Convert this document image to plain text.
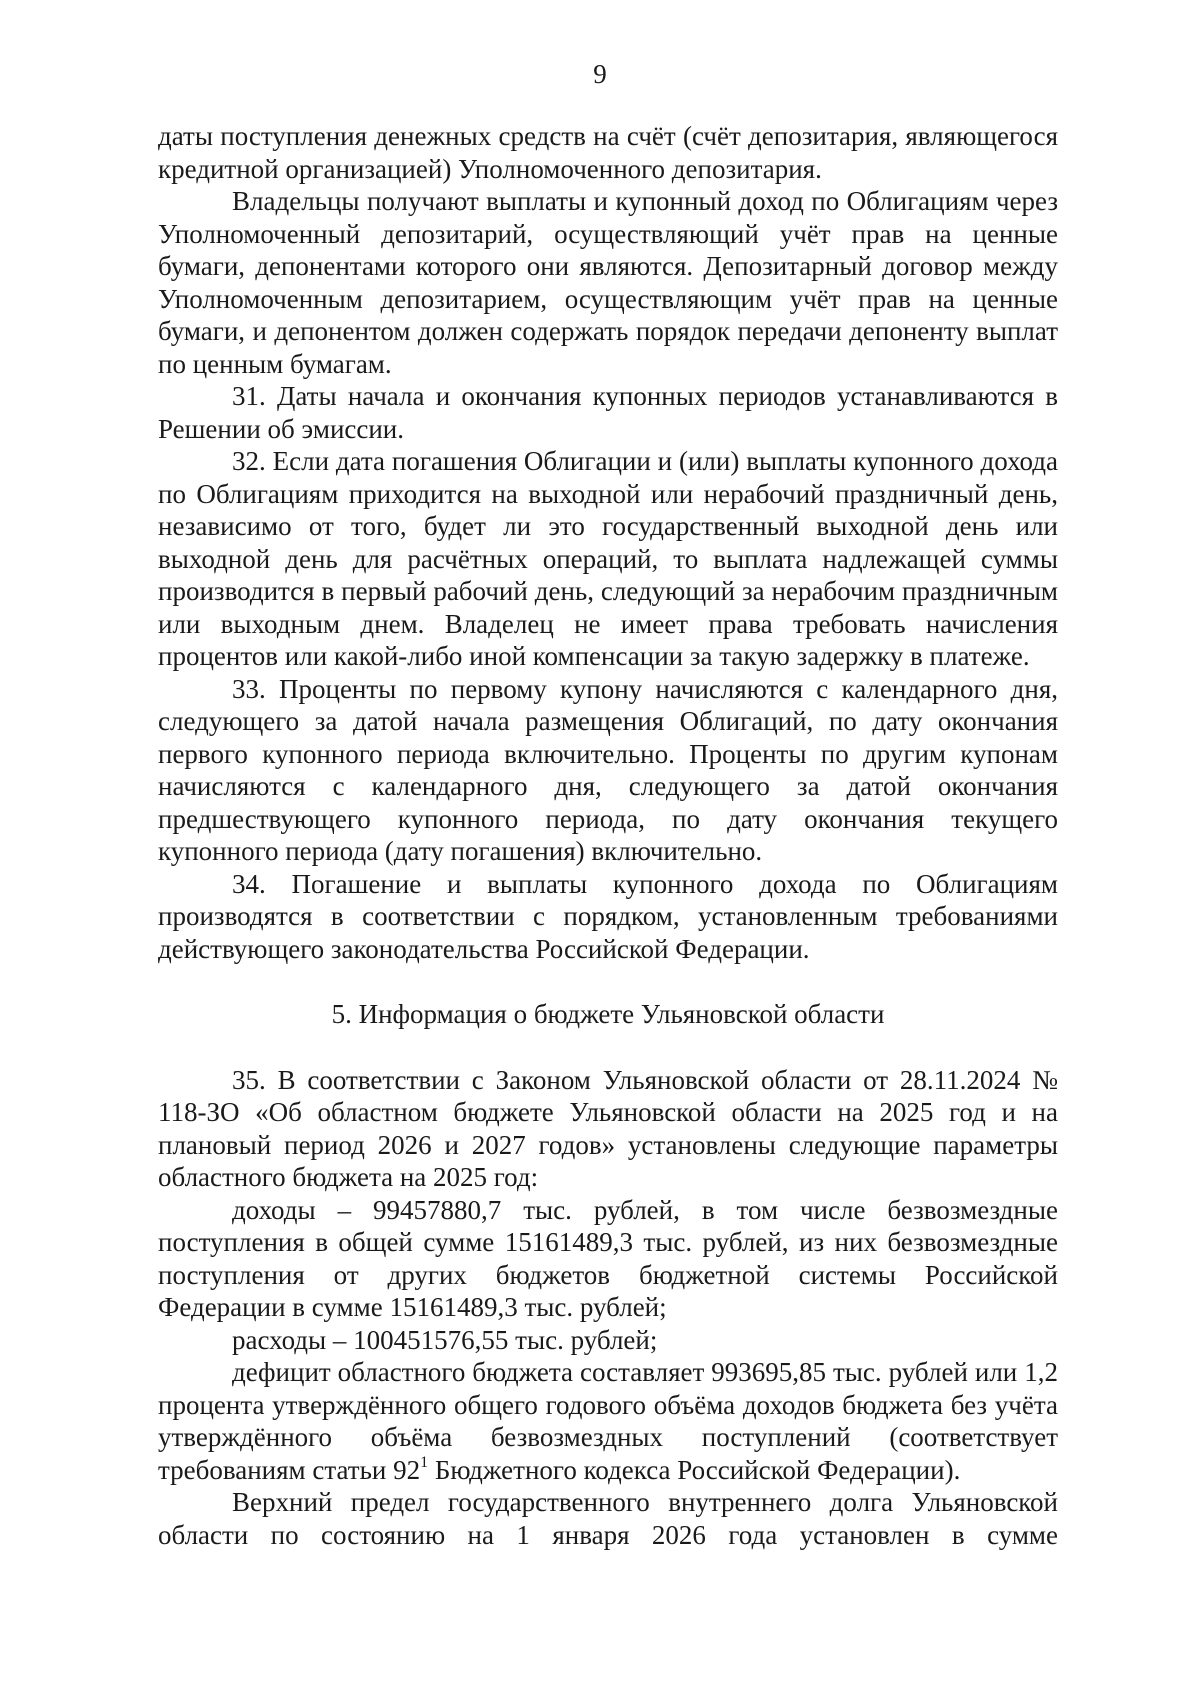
9

даты поступления денежных средств на счёт (счёт депозитария, являющегося кредитной организацией) Уполномоченного депозитария.

Владельцы получают выплаты и купонный доход по Облигациям через Уполномоченный депозитарий, осуществляющий учёт прав на ценные бумаги, депонентами которого они являются. Депозитарный договор между Уполномоченным депозитарием, осуществляющим учёт прав на ценные бумаги, и депонентом должен содержать порядок передачи депоненту выплат по ценным бумагам.

31. Даты начала и окончания купонных периодов устанавливаются в Решении об эмиссии.

32. Если дата погашения Облигации и (или) выплаты купонного дохода по Облигациям приходится на выходной или нерабочий праздничный день, независимо от того, будет ли это государственный выходной день или выходной день для расчётных операций, то выплата надлежащей суммы производится в первый рабочий день, следующий за нерабочим праздничным или выходным днем. Владелец не имеет права требовать начисления процентов или какой-либо иной компенсации за такую задержку в платеже.

33. Проценты по первому купону начисляются с календарного дня, следующего за датой начала размещения Облигаций, по дату окончания первого купонного периода включительно. Проценты по другим купонам начисляются с календарного дня, следующего за датой окончания предшествующего купонного периода, по дату окончания текущего купонного периода (дату погашения) включительно.

34. Погашение и выплаты купонного дохода по Облигациям производятся в соответствии с порядком, установленным требованиями действующего законодательства Российской Федерации.

5. Информация о бюджете Ульяновской области

35. В соответствии с Законом Ульяновской области от 28.11.2024 № 118-ЗО «Об областном бюджете Ульяновской области на 2025 год и на плановый период 2026 и 2027 годов» установлены следующие параметры областного бюджета на 2025 год:

доходы – 99457880,7 тыс. рублей, в том числе безвозмездные поступления в общей сумме 15161489,3 тыс. рублей, из них безвозмездные поступления от других бюджетов бюджетной системы Российской Федерации в сумме 15161489,3 тыс. рублей;

расходы – 100451576,55 тыс. рублей;

дефицит областного бюджета составляет 993695,85 тыс. рублей или 1,2 процента утверждённого общего годового объёма доходов бюджета без учёта утверждённого объёма безвозмездных поступлений (соответствует требованиям статьи $92^1$ Бюджетного кодекса Российской Федерации).

Верхний предел государственного внутреннего долга Ульяновской области по состоянию на 1 января 2026 года установлен в сумме
